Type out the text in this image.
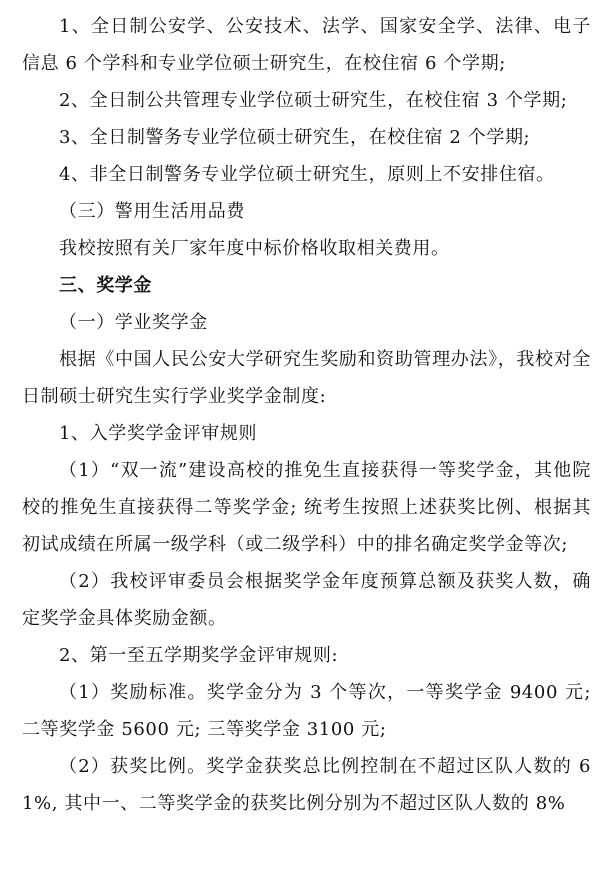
1、全日制公安学、公安技术、法学、国家安全学、法律、电子信息 6 个学科和专业学位硕士研究生，在校住宿 6 个学期;

2、全日制公共管理专业学位硕士研究生，在校住宿 3 个学期;

3、全日制警务专业学位硕士研究生，在校住宿 2 个学期;

4、非全日制警务专业学位硕士研究生，原则上不安排住宿。

（三）警用生活用品费

我校按照有关厂家年度中标价格收取相关费用。

三、奖学金

（一）学业奖学金

根据《中国人民公安大学研究生奖励和资助管理办法》，我校对全日制硕士研究生实行学业奖学金制度:

1、入学奖学金评审规则

（1）“双一流”建设高校的推免生直接获得一等奖学金，其他院校的推免生直接获得二等奖学金; 统考生按照上述获奖比例、根据其初试成绩在所属一级学科（或二级学科）中的排名确定奖学金等次;

（2）我校评审委员会根据奖学金年度预算总额及获奖人数，确定奖学金具体奖励金额。

2、第一至五学期奖学金评审规则:

（1）奖励标准。奖学金分为 3 个等次，一等奖学金 9400 元; 二等奖学金 5600 元; 三等奖学金 3100 元;

（2）获奖比例。奖学金获奖总比例控制在不超过区队人数的 61%, 其中一、二等奖学金的获奖比例分别为不超过区队人数的 8%
